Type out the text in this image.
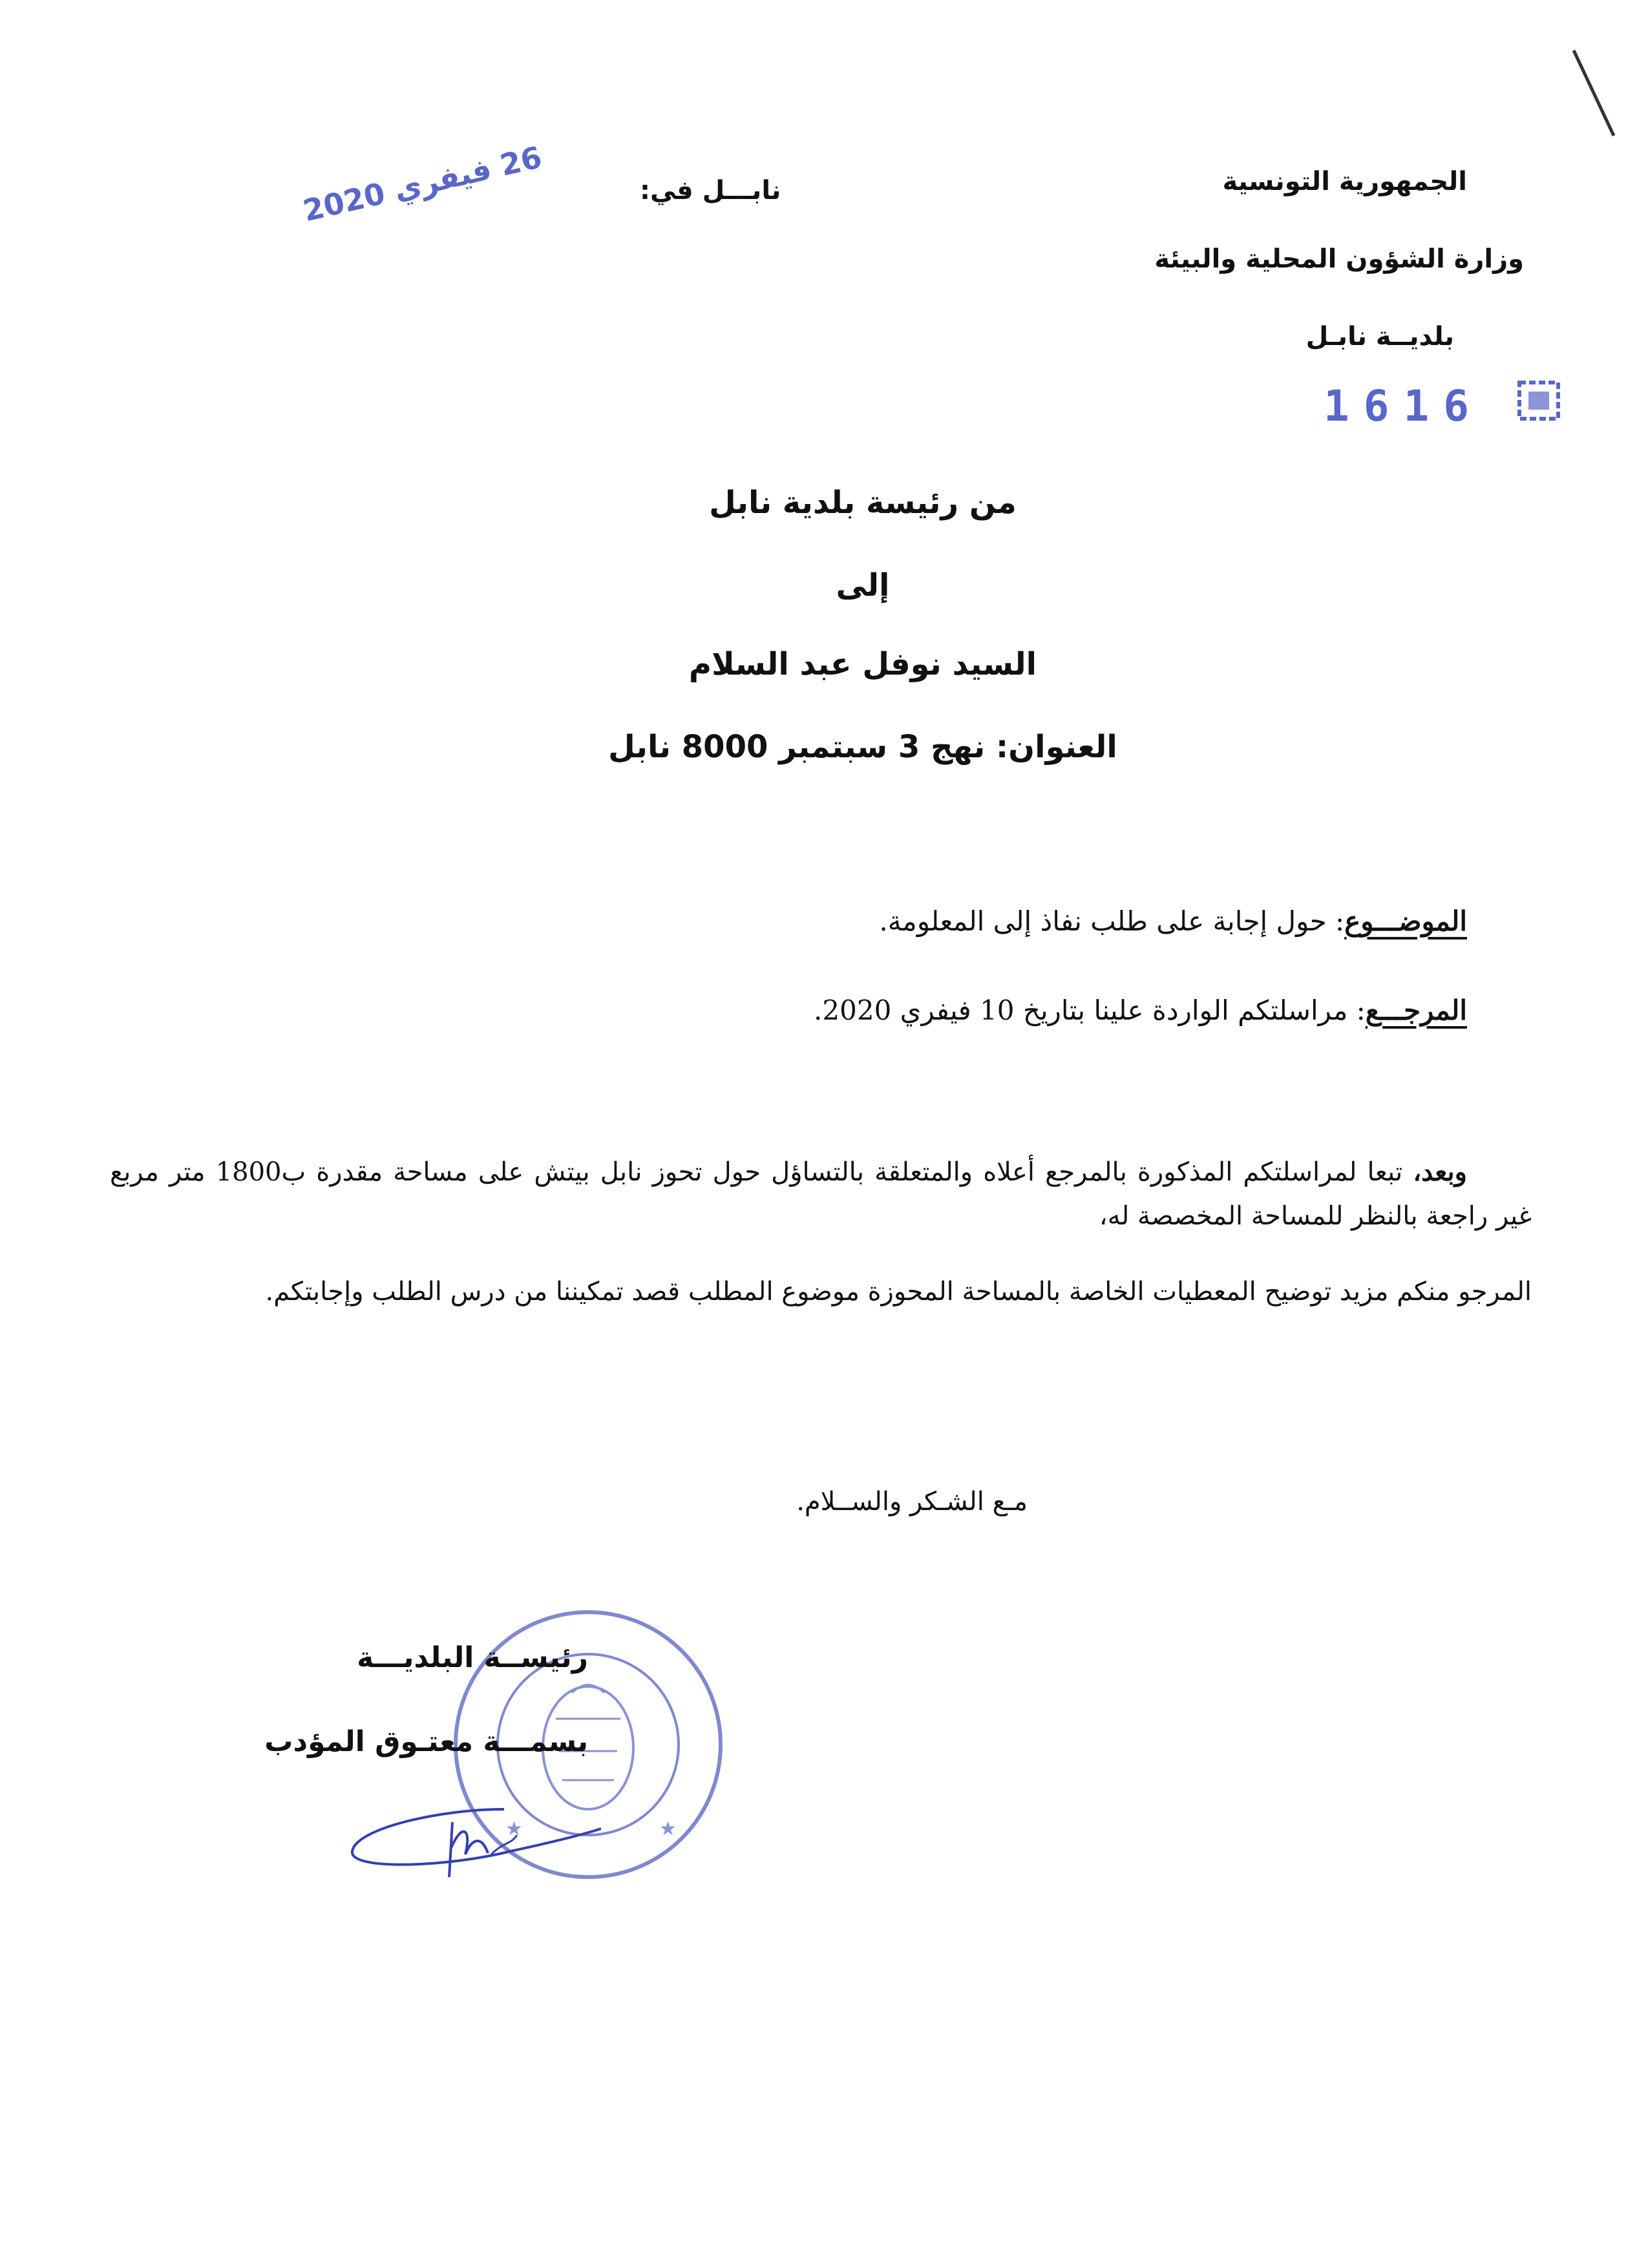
الجمهورية التونسية
وزارة الشؤون المحلية والبيئة
بلديــة نابـل
1616
نابـــل في:
26 فيفري 2020
من رئيسة بلدية نابل
إلى
السيد نوفل عبد السلام
العنوان: نهج 3 سبتمبر 8000 نابل
الموضـــوع: حول إجابة على طلب نفاذ إلى المعلومة.
المرجـــع: مراسلتكم الواردة علينا بتاريخ 10 فيفري 2020.
وبعد، تبعا لمراسلتكم المذكورة بالمرجع أعلاه والمتعلقة بالتساؤل حول تحوز نابل بيتش على مساحة مقدرة ب1800 متر مربع غير راجعة بالنظر للمساحة المخصصة له،
المرجو منكم مزيد توضيح المعطيات الخاصة بالمساحة المحوزة موضوع المطلب قصد تمكيننا من درس الطلب وإجابتكم.
مـع الشـكر والســلام.
★	★
رئيســة البلديـــة
بسمـــة معتـوق المؤدب
